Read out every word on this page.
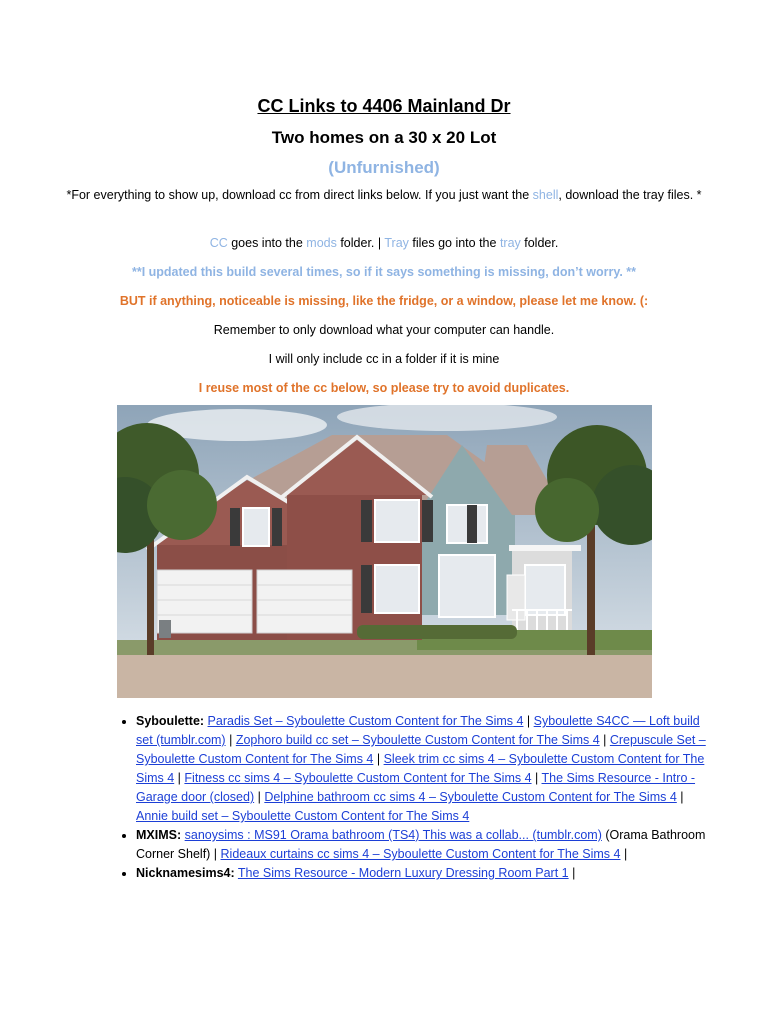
CC Links to 4406 Mainland Dr
Two homes on a 30 x 20 Lot
(Unfurnished)
*For everything to show up, download cc from direct links below. If you just want the shell, download the tray files. *
CC goes into the mods folder. | Tray files go into the tray folder.
**I updated this build several times, so if it says something is missing, don’t worry. **
BUT if anything, noticeable is missing, like the fridge, or a window, please let me know. (:
Remember to only download what your computer can handle.
I will only include cc in a folder if it is mine
I reuse most of the cc below, so please try to avoid duplicates.
• Syboulette: Paradis Set – Syboulette Custom Content for The Sims 4 | Syboulette S4CC — Loft build set (tumblr.com) | Zophoro build cc set – Syboulette Custom Content for The Sims 4 | Crepuscule Set – Syboulette Custom Content for The Sims 4 | Sleek trim cc sims 4 – Syboulette Custom Content for The Sims 4 | Fitness cc sims 4 – Syboulette Custom Content for The Sims 4 | The Sims Resource - Intro - Garage door (closed) | Delphine bathroom cc sims 4 – Syboulette Custom Content for The Sims 4 | Annie build set – Syboulette Custom Content for The Sims 4
• MXIMS: sanoysims : MS91 Orama bathroom (TS4) This was a collab... (tumblr.com) (Orama Bathroom Corner Shelf) | Rideaux curtains cc sims 4 – Syboulette Custom Content for The Sims 4 |
• Nicknamesims4: The Sims Resource - Modern Luxury Dressing Room Part 1 |
